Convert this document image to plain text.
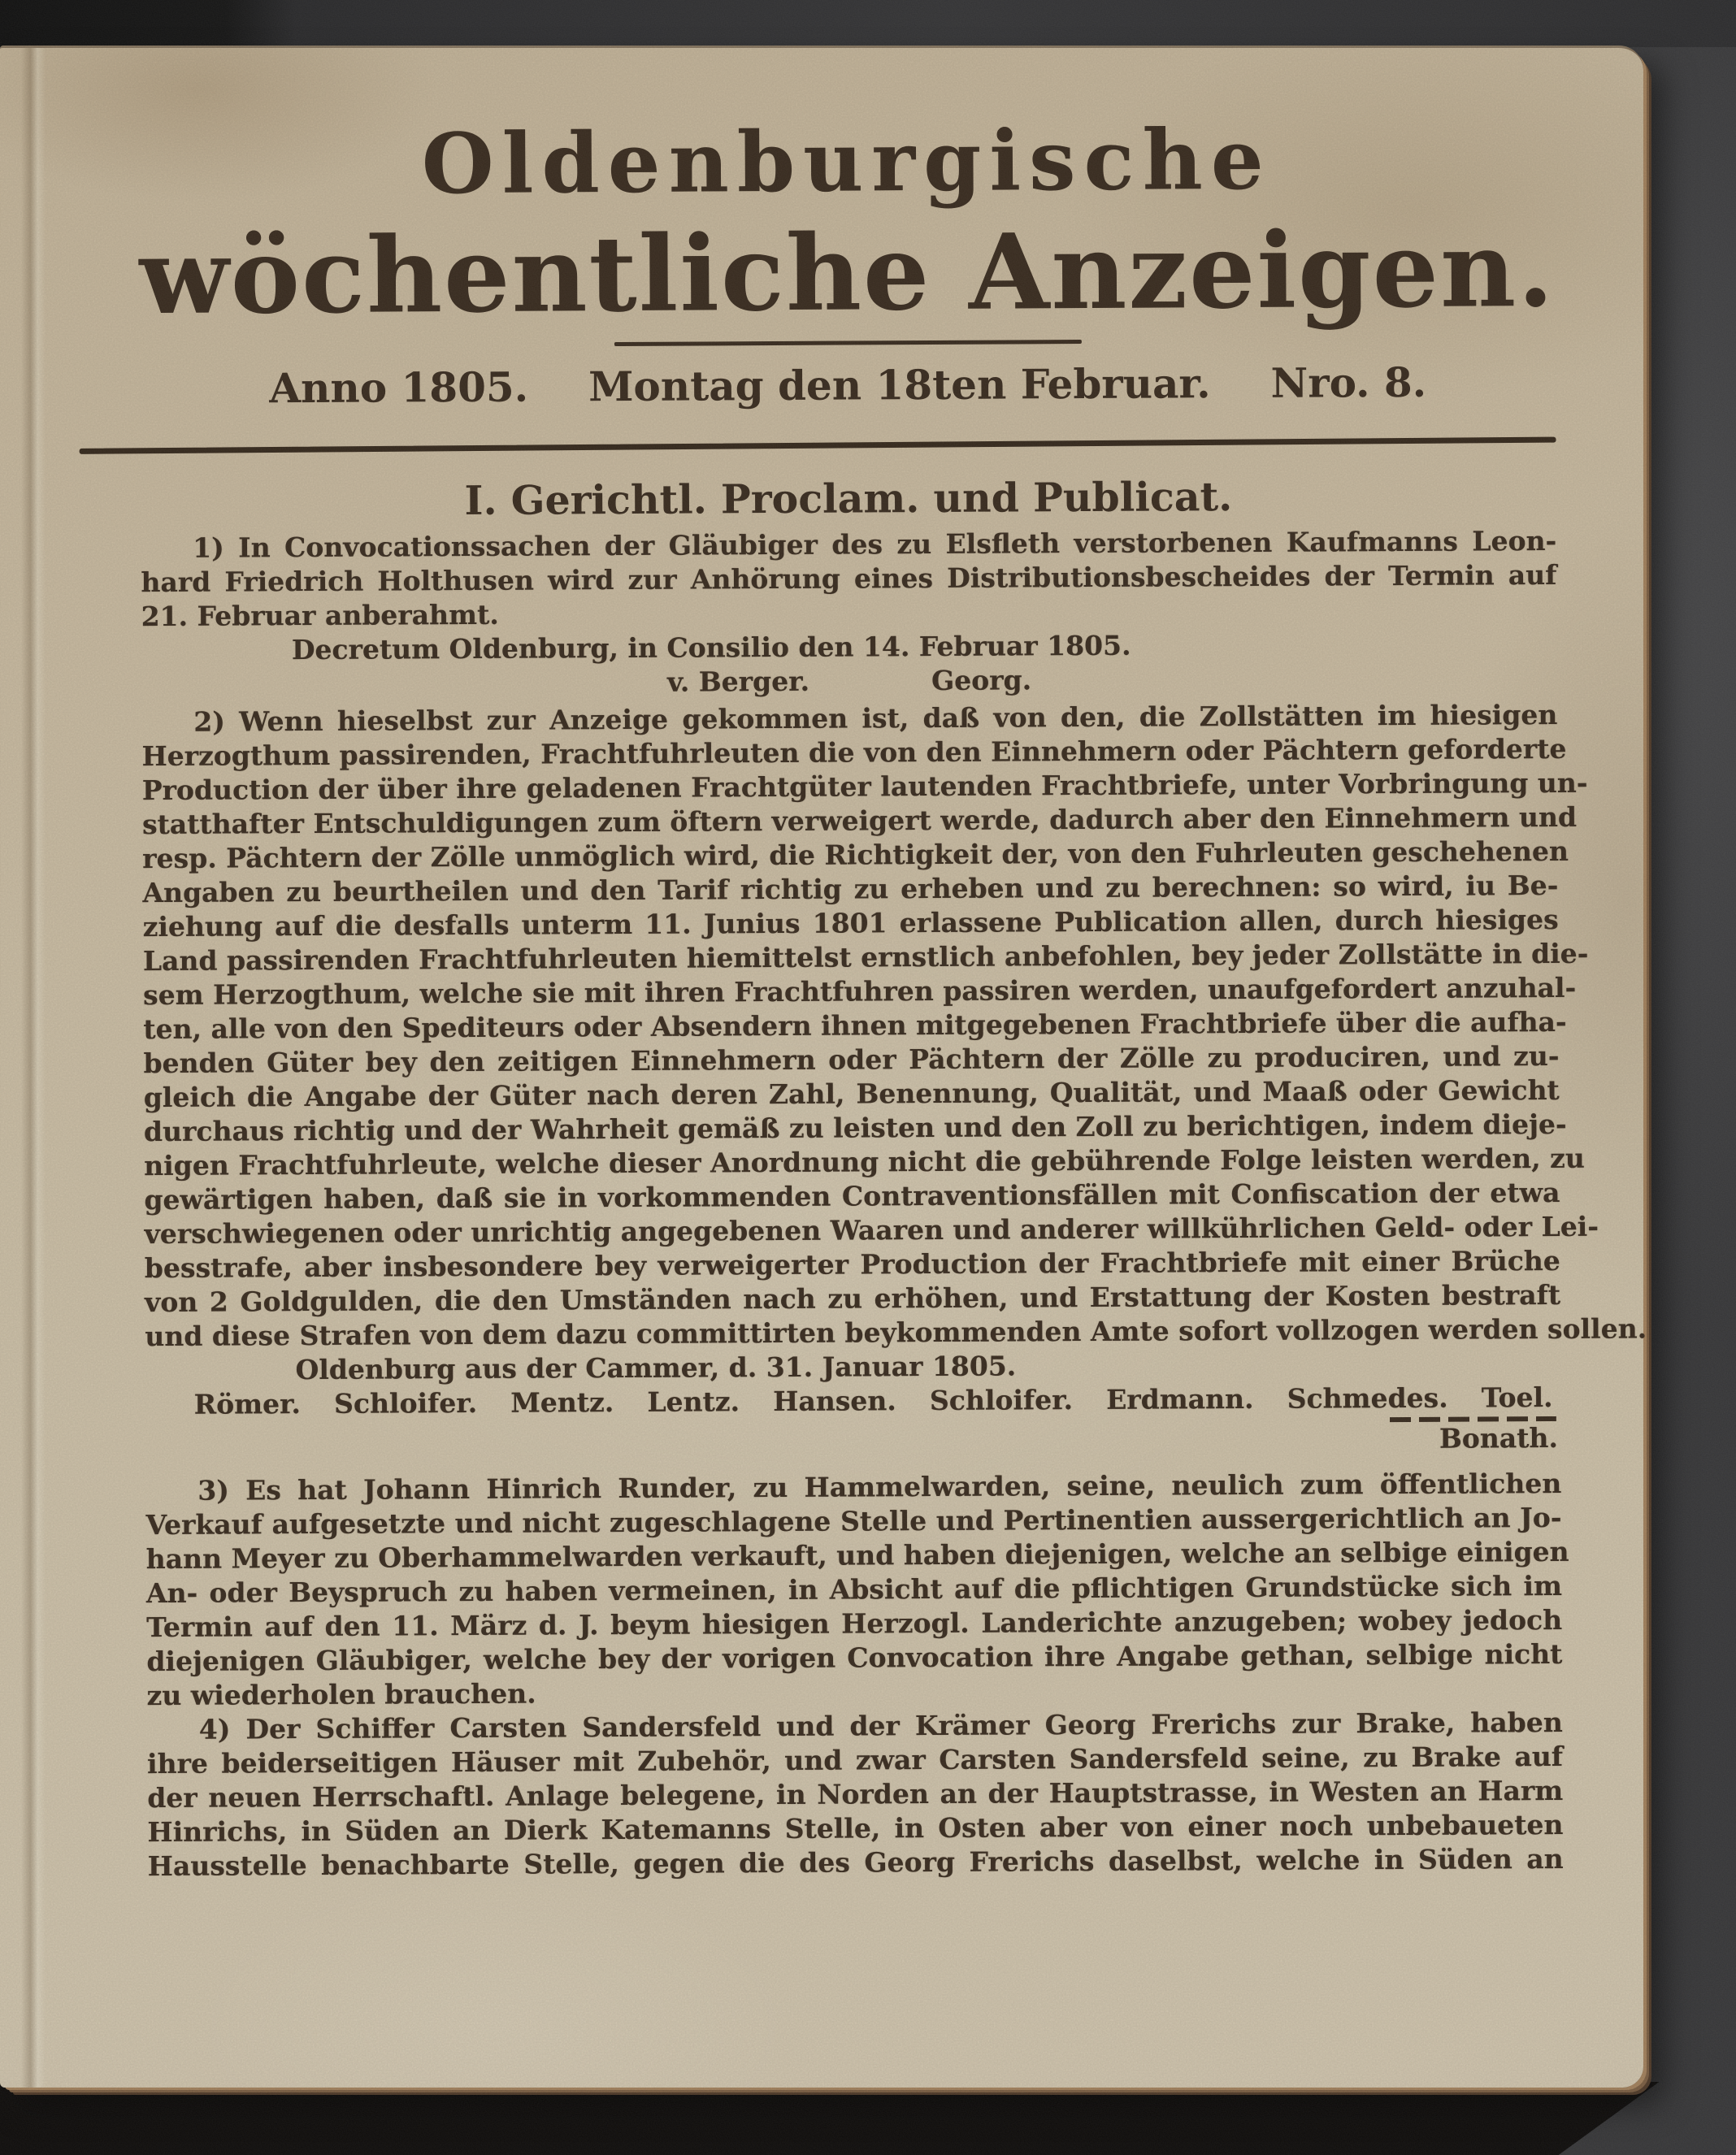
Oldenburgische
wöchentliche Anzeigen.
Anno 1805. Montag den 18ten Februar. Nro. 8.
I. Gerichtl. Proclam. und Publicat.
1) In Convocationssachen der Gläubiger des zu Elsfleth verstorbenen Kaufmanns Leon-
hard Friedrich Holthusen wird zur Anhörung eines Distributionsbescheides der Termin auf
21. Februar anberahmt.
Decretum Oldenburg, in Consilio den 14. Februar 1805.
v. Berger.	Georg.
2) Wenn hieselbst zur Anzeige gekommen ist, daß von den, die Zollstätten im hiesigen
Herzogthum passirenden, Frachtfuhrleuten die von den Einnehmern oder Pächtern geforderte
Production der über ihre geladenen Frachtgüter lautenden Frachtbriefe, unter Vorbringung un-
statthafter Entschuldigungen zum öftern verweigert werde, dadurch aber den Einnehmern und
resp. Pächtern der Zölle unmöglich wird, die Richtigkeit der, von den Fuhrleuten geschehenen
Angaben zu beurtheilen und den Tarif richtig zu erheben und zu berechnen: so wird, iu Be-
ziehung auf die desfalls unterm 11. Junius 1801 erlassene Publication allen, durch hiesiges
Land passirenden Frachtfuhrleuten hiemittelst ernstlich anbefohlen, bey jeder Zollstätte in die-
sem Herzogthum, welche sie mit ihren Frachtfuhren passiren werden, unaufgefordert anzuhal-
ten, alle von den Spediteurs oder Absendern ihnen mitgegebenen Frachtbriefe über die aufha-
benden Güter bey den zeitigen Einnehmern oder Pächtern der Zölle zu produciren, und zu-
gleich die Angabe der Güter nach deren Zahl, Benennung, Qualität, und Maaß oder Gewicht
durchaus richtig und der Wahrheit gemäß zu leisten und den Zoll zu berichtigen, indem dieje-
nigen Frachtfuhrleute, welche dieser Anordnung nicht die gebührende Folge leisten werden, zu
gewärtigen haben, daß sie in vorkommenden Contraventionsfällen mit Confiscation der etwa
verschwiegenen oder unrichtig angegebenen Waaren und anderer willkührlichen Geld- oder Lei-
besstrafe, aber insbesondere bey verweigerter Production der Frachtbriefe mit einer Brüche
von 2 Goldgulden, die den Umständen nach zu erhöhen, und Erstattung der Kosten bestraft
und diese Strafen von dem dazu committirten beykommenden Amte sofort vollzogen werden sollen.
Oldenburg aus der Cammer, d. 31. Januar 1805.
Römer. Schloifer. Mentz. Lentz. Hansen. Schloifer. Erdmann. Schmedes. Toel.
Bonath.
3) Es hat Johann Hinrich Runder, zu Hammelwarden, seine, neulich zum öffentlichen
Verkauf aufgesetzte und nicht zugeschlagene Stelle und Pertinentien aussergerichtlich an Jo-
hann Meyer zu Oberhammelwarden verkauft, und haben diejenigen, welche an selbige einigen
An- oder Beyspruch zu haben vermeinen, in Absicht auf die pflichtigen Grundstücke sich im
Termin auf den 11. März d. J. beym hiesigen Herzogl. Landerichte anzugeben; wobey jedoch
diejenigen Gläubiger, welche bey der vorigen Convocation ihre Angabe gethan, selbige nicht
zu wiederholen brauchen.
4) Der Schiffer Carsten Sandersfeld und der Krämer Georg Frerichs zur Brake, haben
ihre beiderseitigen Häuser mit Zubehör, und zwar Carsten Sandersfeld seine, zu Brake auf
der neuen Herrschaftl. Anlage belegene, in Norden an der Hauptstrasse, in Westen an Harm
Hinrichs, in Süden an Dierk Katemanns Stelle, in Osten aber von einer noch unbebaueten
Hausstelle benachbarte Stelle, gegen die des Georg Frerichs daselbst, welche in Süden an
